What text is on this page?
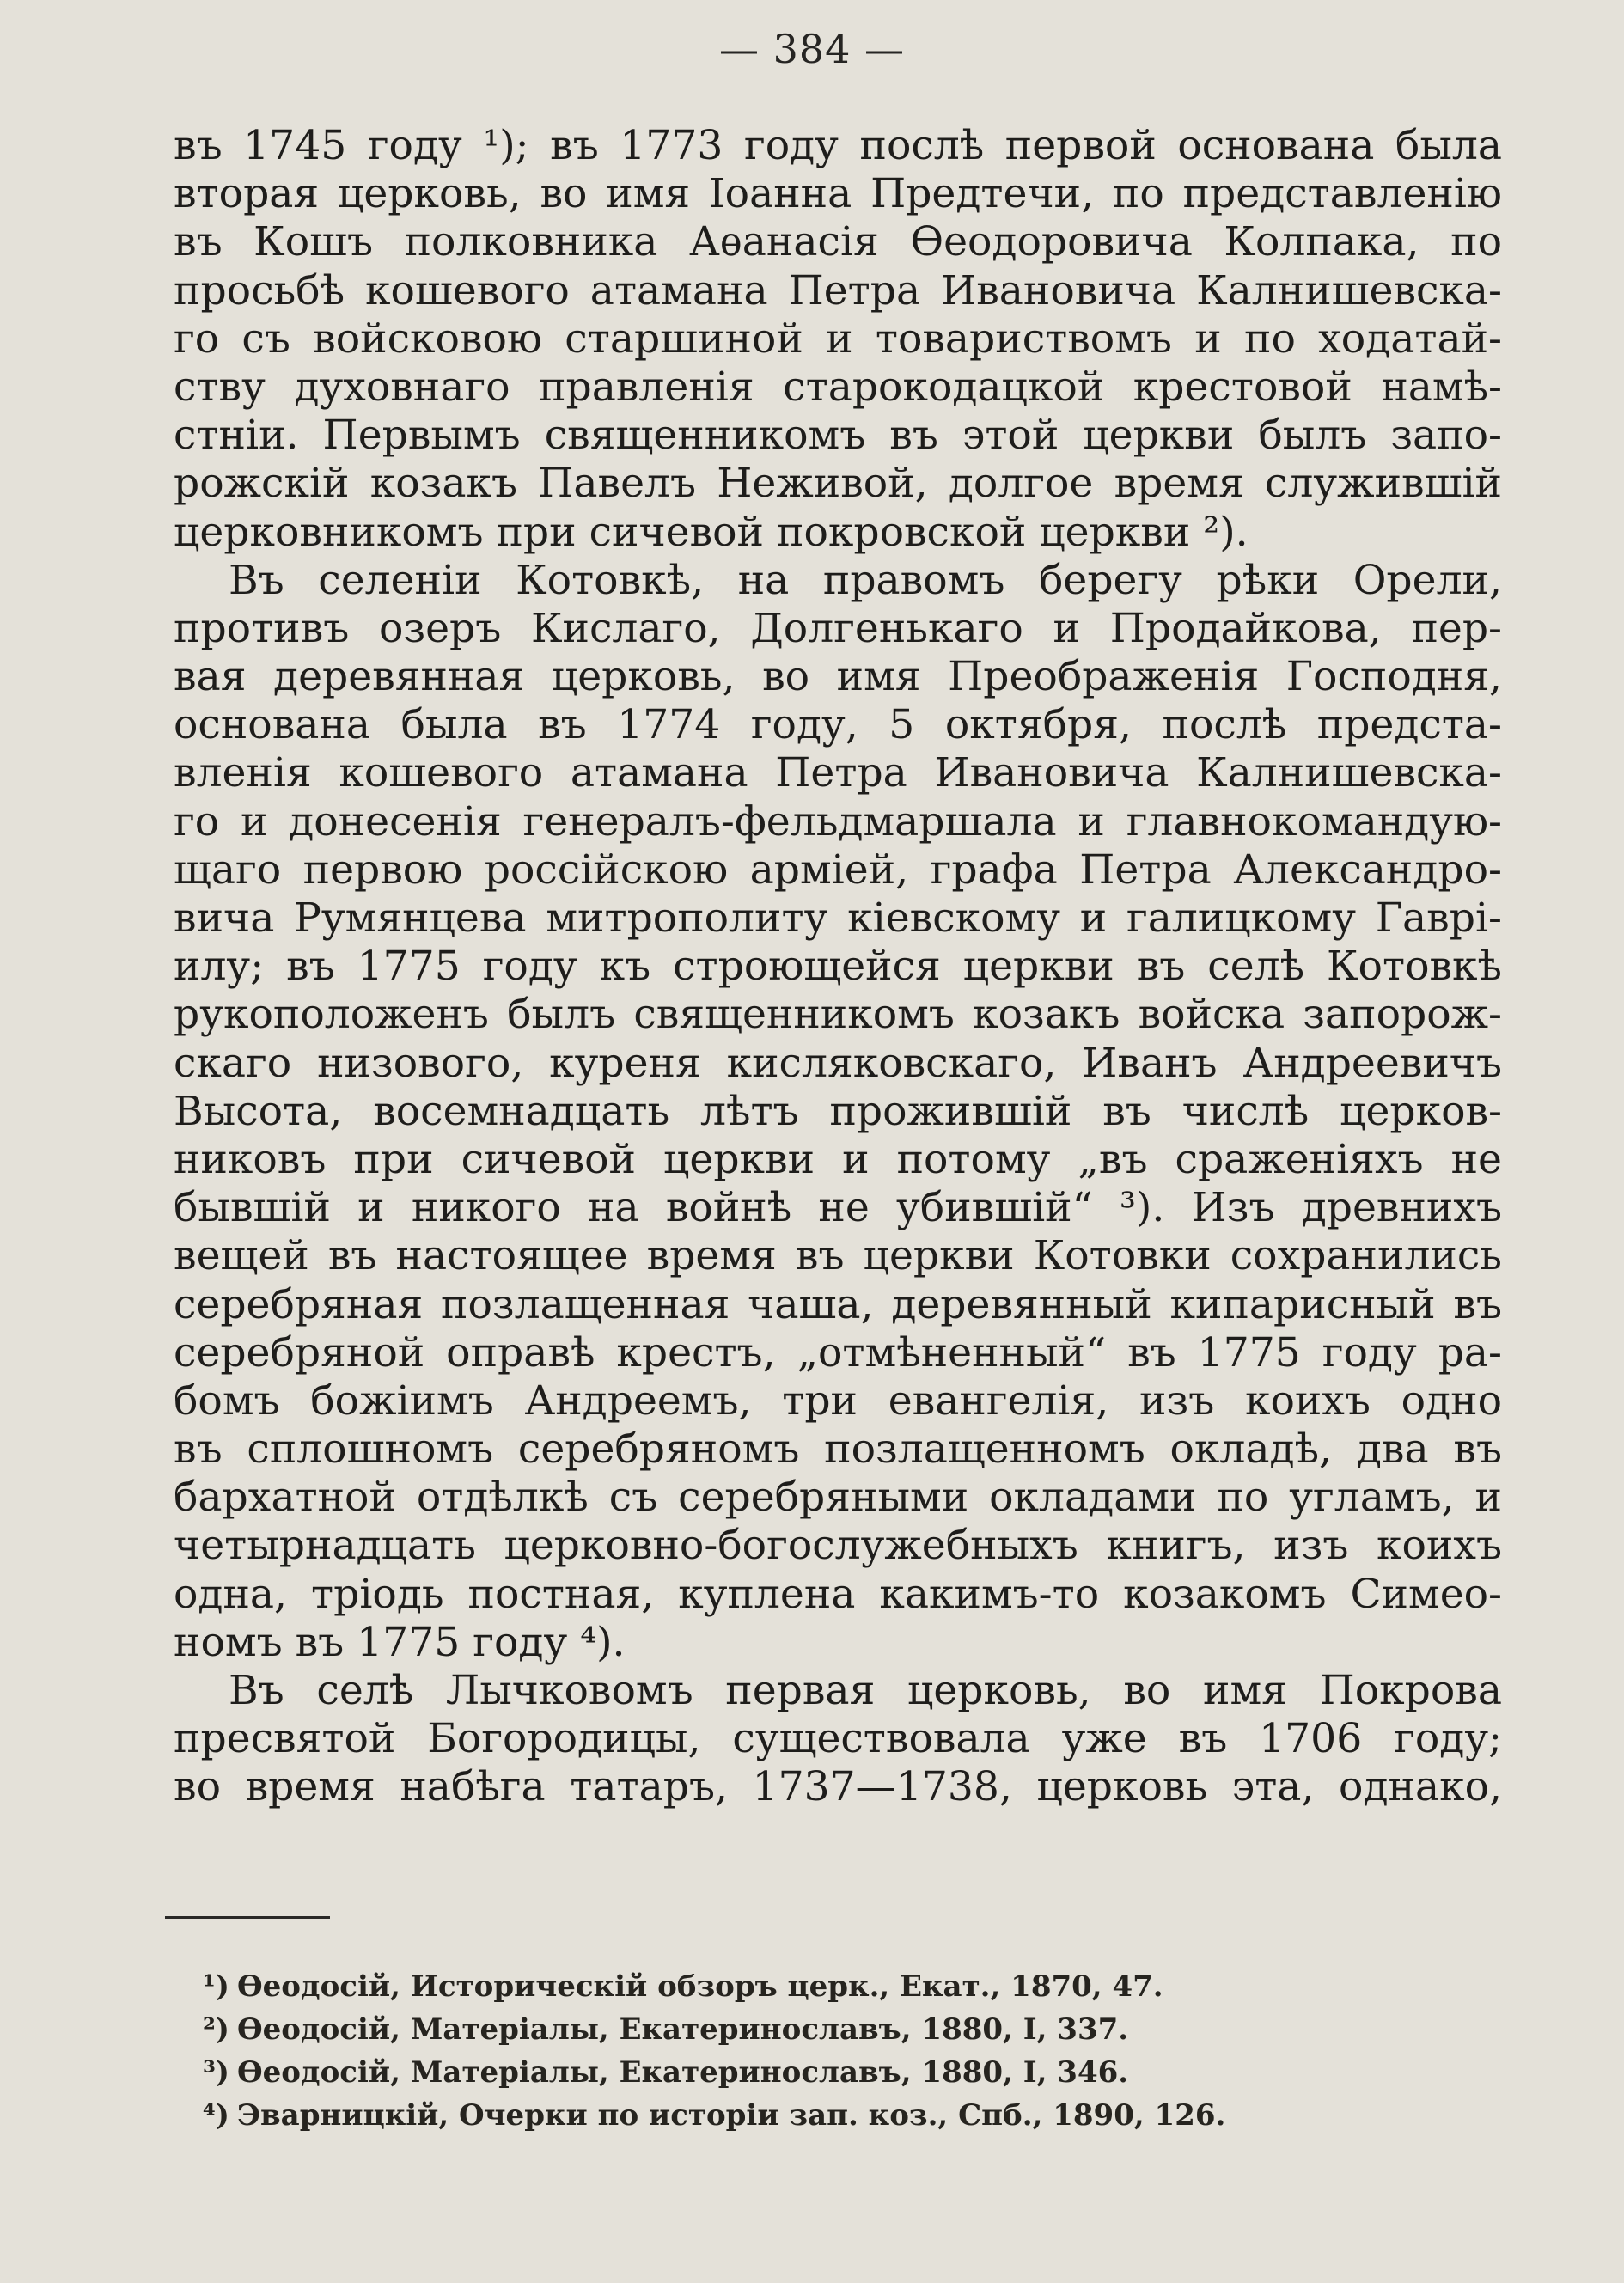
— 384 —
въ 1745 году ¹); въ 1773 году послѣ первой основана была
вторая церковь, во имя Іоанна Предтечи, по представленію
въ Кошъ полковника Аѳанасія Ѳеодоровича Колпака, по
просьбѣ кошевого атамана Петра Ивановича Калнишевска-
го съ войсковою старшиной и товариствомъ и по ходатай-
ству духовнаго правленія старокодацкой крестовой намѣ-
стніи. Первымъ священникомъ въ этой церкви былъ запо-
рожскій козакъ Павелъ Неживой, долгое время служившій
церковникомъ при сичевой покровской церкви ²).
Въ селеніи Котовкѣ, на правомъ берегу рѣки Орели,
противъ озеръ Кислаго, Долгенькаго и Продайкова, пер-
вая деревянная церковь, во имя Преображенія Господня,
основана была въ 1774 году, 5 октября, послѣ предста-
вленія кошевого атамана Петра Ивановича Калнишевска-
го и донесенія генералъ-фельдмаршала и главнокомандую-
щаго первою россійскою арміей, графа Петра Александро-
вича Румянцева митрополиту кіевскому и галицкому Гаврі-
илу; въ 1775 году къ строющейся церкви въ селѣ Котовкѣ
рукоположенъ былъ священникомъ козакъ войска запорож-
скаго низового, куреня кисляковскаго, Иванъ Андреевичъ
Высота, восемнадцать лѣтъ прожившій въ числѣ церков-
никовъ при сичевой церкви и потому „въ сраженіяхъ не
бывшій и никого на войнѣ не убившій“ ³). Изъ древнихъ
вещей въ настоящее время въ церкви Котовки сохранились
серебряная позлащенная чаша, деревянный кипарисный въ
серебряной оправѣ крестъ, „отмѣненный“ въ 1775 году ра-
бомъ божіимъ Андреемъ, три евангелія, изъ коихъ одно
въ сплошномъ серебряномъ позлащенномъ окладѣ, два въ
бархатной отдѣлкѣ съ серебряными окладами по угламъ, и
четырнадцать церковно-богослужебныхъ книгъ, изъ коихъ
одна, тріодь постная, куплена какимъ-то козакомъ Симео-
номъ въ 1775 году ⁴).
Въ селѣ Лычковомъ первая церковь, во имя Покрова
пресвятой Богородицы, существовала уже въ 1706 году;
во время набѣга татаръ, 1737—1738, церковь эта, однако,
¹) Ѳеодосій, Историческій обзоръ церк., Екат., 1870, 47.
²) Ѳеодосій, Матеріалы, Екатеринославъ, 1880, I, 337.
³) Ѳеодосій, Матеріалы, Екатеринославъ, 1880, I, 346.
⁴) Эварницкій, Очерки по исторіи зап. коз., Спб., 1890, 126.
